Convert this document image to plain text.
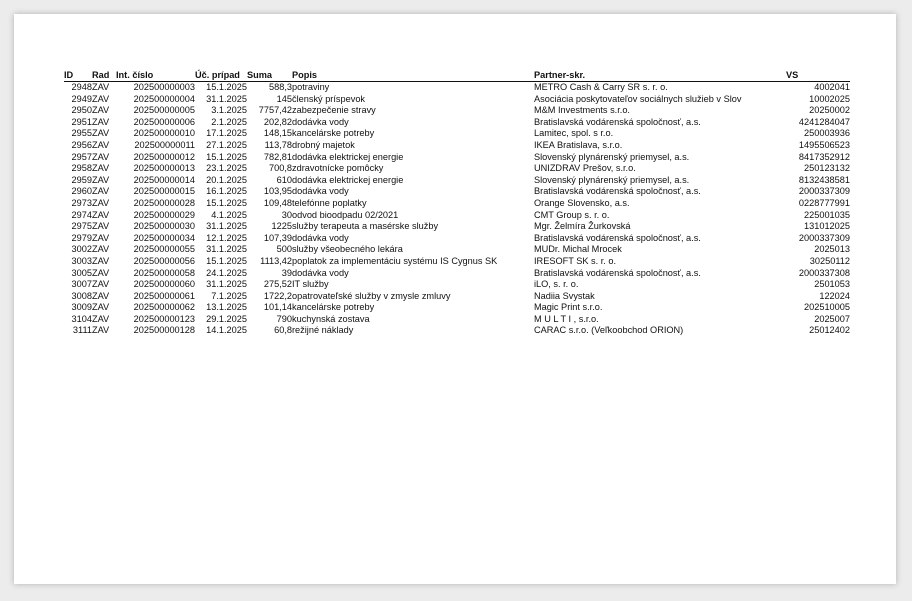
ID	Rad	Int. číslo	Úč. prípad	Suma	Popis	Partner-skr.	VS
2948	ZAV	202500000003	15.1.2025	588,3	potraviny	METRO Cash & Carry SR s. r. o.	4002041
2949	ZAV	202500000004	31.1.2025	145	členský príspevok	Asociácia poskytovateľov sociálnych služieb v Slov	10002025
2950	ZAV	202500000005	3.1.2025	7757,42	zabezpečenie stravy	M&M Investments s.r.o.	20250002
2951	ZAV	202500000006	2.1.2025	202,82	dodávka vody	Bratislavská vodárenská spoločnosť, a.s.	4241284047
2955	ZAV	202500000010	17.1.2025	148,15	kancelárske potreby	Lamitec, spol. s r.o.	250003936
2956	ZAV	202500000011	27.1.2025	113,78	drobný majetok	IKEA Bratislava, s.r.o.	1495506523
2957	ZAV	202500000012	15.1.2025	782,81	dodávka elektrickej energie	Slovenský plynárenský priemysel, a.s.	8417352912
2958	ZAV	202500000013	23.1.2025	700,8	zdravotnícke pomôcky	UNIZDRAV Prešov, s.r.o.	250123132
2959	ZAV	202500000014	20.1.2025	610	dodávka elektrickej energie	Slovenský plynárenský priemysel, a.s.	8132438581
2960	ZAV	202500000015	16.1.2025	103,95	dodávka vody	Bratislavská vodárenská spoločnosť, a.s.	2000337309
2973	ZAV	202500000028	15.1.2025	109,48	telefónne poplatky	Orange Slovensko, a.s.	0228777991
2974	ZAV	202500000029	4.1.2025	30	odvod bioodpadu 02/2021	CMT Group s. r. o.	225001035
2975	ZAV	202500000030	31.1.2025	1225	služby terapeuta a masérske služby	Mgr. Želmíra Žurkovská	131012025
2979	ZAV	202500000034	12.1.2025	107,39	dodávka vody	Bratislavská vodárenská spoločnosť, a.s.	2000337309
3002	ZAV	202500000055	31.1.2025	500	služby všeobecného lekára	MUDr. Michal Mrocek	2025013
3003	ZAV	202500000056	15.1.2025	1113,42	poplatok za implementáciu systému IS Cygnus SK	IRESOFT SK s. r. o.	30250112
3005	ZAV	202500000058	24.1.2025	39	dodávka vody	Bratislavská vodárenská spoločnosť, a.s.	2000337308
3007	ZAV	202500000060	31.1.2025	275,52	IT služby	iLO, s. r. o.	2501053
3008	ZAV	202500000061	7.1.2025	1722,2	opatrovateľské služby v zmysle zmluvy	Nadiia Svystak	122024
3009	ZAV	202500000062	13.1.2025	101,14	kancelárske potreby	Magic Print s.r.o.	202510005
3104	ZAV	202500000123	29.1.2025	790	kuchynská zostava	M U L T I , s.r.o.	2025007
3111	ZAV	202500000128	14.1.2025	60,8	režijné náklady	CARAC s.r.o. (Veľkoobchod ORION)	25012402
